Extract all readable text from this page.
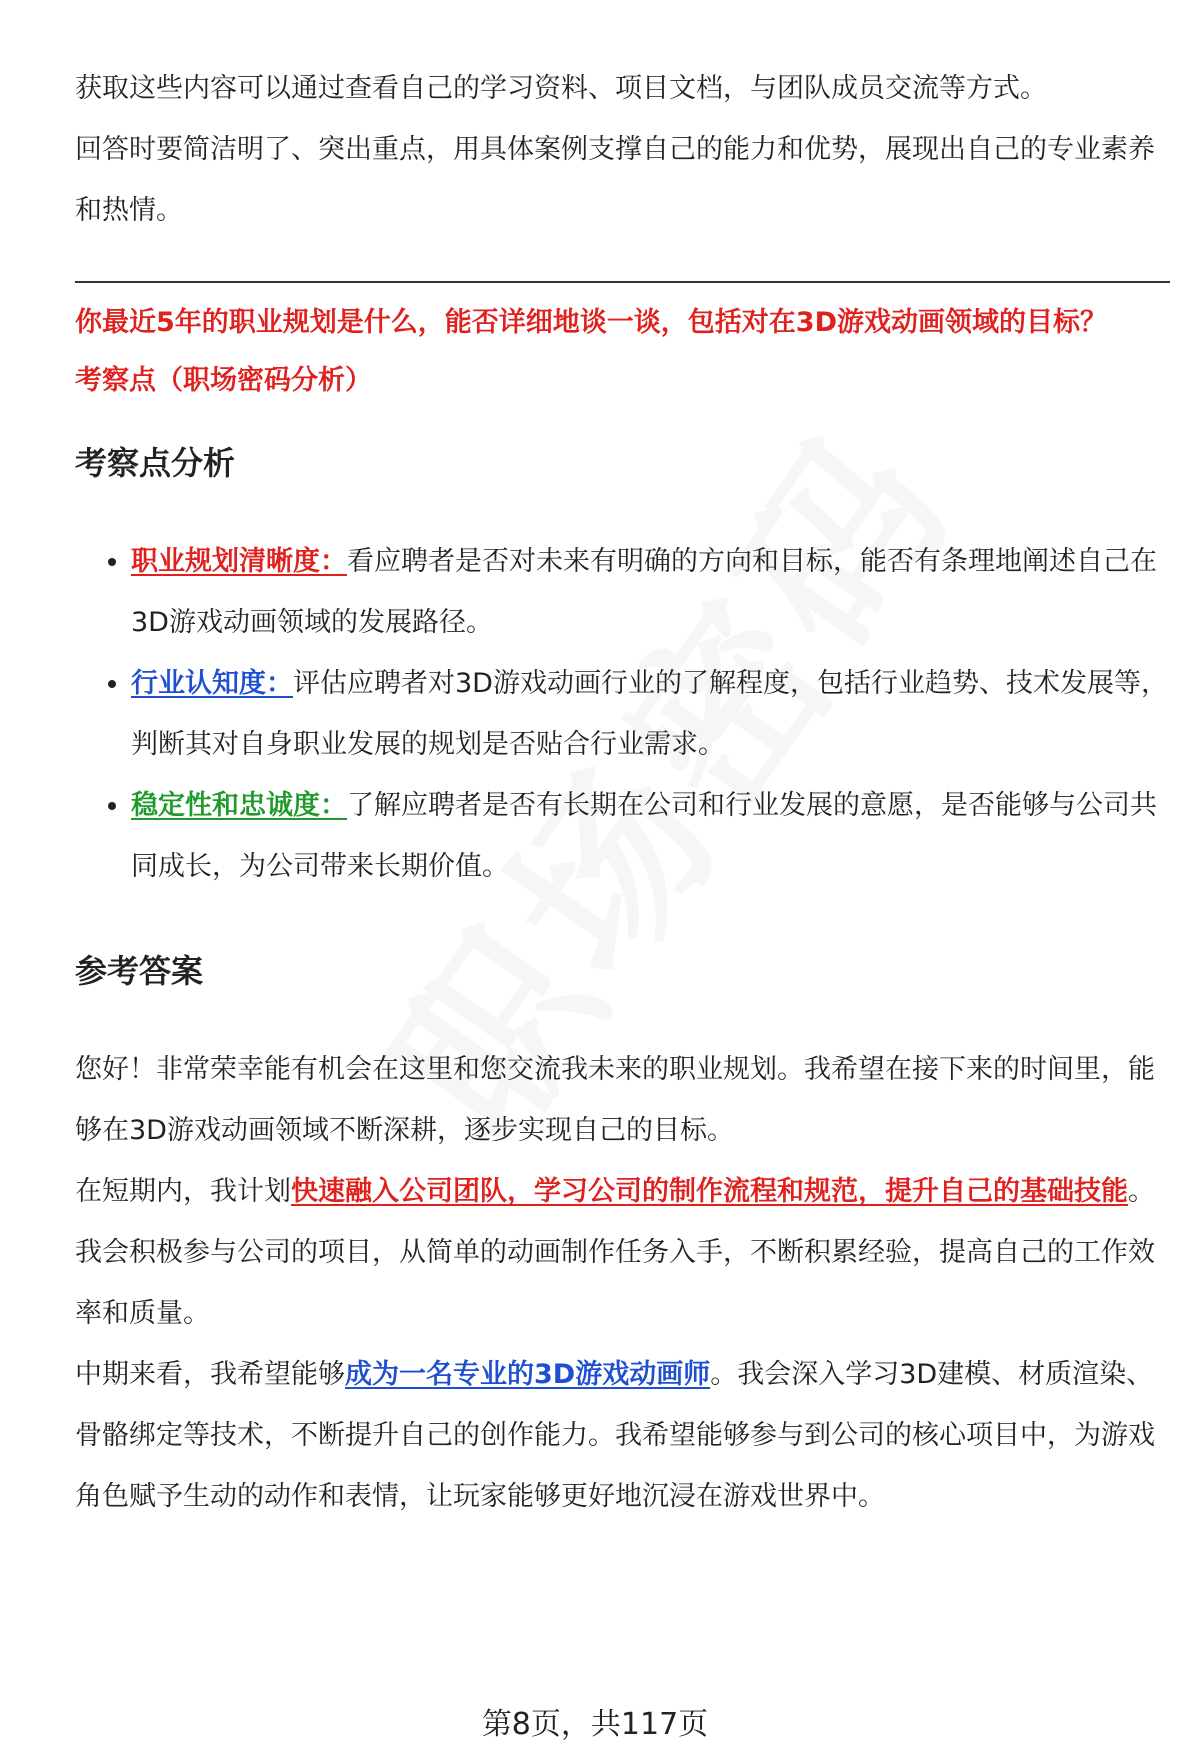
获取这些内容可以通过查看自己的学习资料、项目文档，与团队成员交流等方式。

回答时要简洁明了、突出重点，用具体案例支撑自己的能力和优势，展现出自己的专业素养和热情。

你最近5年的职业规划是什么，能否详细地谈一谈，包括对在3D游戏动画领域的目标？
考察点（职场密码分析）
考察点分析
• 职业规划清晰度：看应聘者是否对未来有明确的方向和目标，能否有条理地阐述自己在3D游戏动画领域的发展路径。
• 行业认知度：评估应聘者对3D游戏动画行业的了解程度，包括行业趋势、技术发展等，判断其对自身职业发展的规划是否贴合行业需求。
• 稳定性和忠诚度：了解应聘者是否有长期在公司和行业发展的意愿，是否能够与公司共同成长，为公司带来长期价值。
参考答案

您好！非常荣幸能有机会在这里和您交流我未来的职业规划。我希望在接下来的时间里，能够在3D游戏动画领域不断深耕，逐步实现自己的目标。

在短期内，我计划快速融入公司团队，学习公司的制作流程和规范，提升自己的基础技能。我会积极参与公司的项目，从简单的动画制作任务入手，不断积累经验，提高自己的工作效率和质量。

中期来看，我希望能够成为一名专业的3D游戏动画师。我会深入学习3D建模、材质渲染、骨骼绑定等技术，不断提升自己的创作能力。我希望能够参与到公司的核心项目中，为游戏角色赋予生动的动作和表情，让玩家能够更好地沉浸在游戏世界中。

第8页，共117页
